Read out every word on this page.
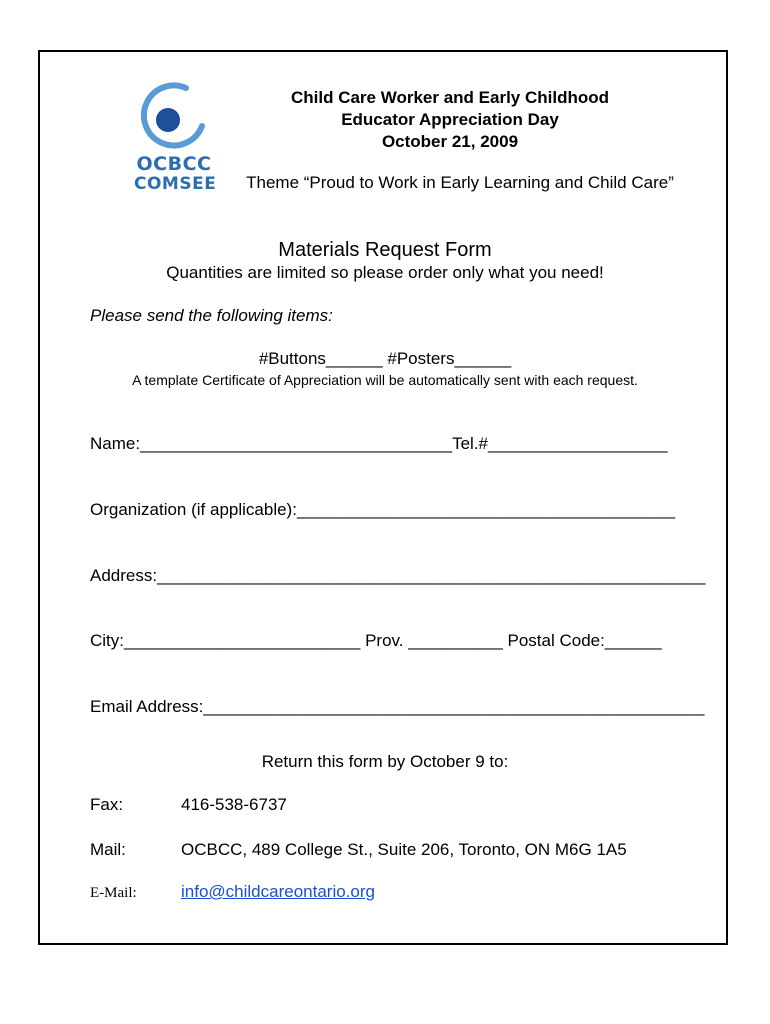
OCBCC
COMSEE
Child Care Worker and Early Childhood
Educator Appreciation Day
October 21, 2009
Theme “Proud to Work in Early Learning and Child Care”
Materials Request Form
Quantities are limited so please order only what you need!
Please send the following items:
#Buttons______ #Posters______
A template Certificate of Appreciation will be automatically sent with each request.
Name:_________________________________Tel.#___________________
Organization (if applicable):________________________________________
Address:__________________________________________________________
City:_________________________ Prov. __________ Postal Code:______
Email Address:_____________________________________________________
Return this form by October 9 to:
Fax:	416-538-6737
Mail:	OCBCC, 489 College St., Suite 206, Toronto, ON M6G 1A5
E-Mail:	info@childcareontario.org
